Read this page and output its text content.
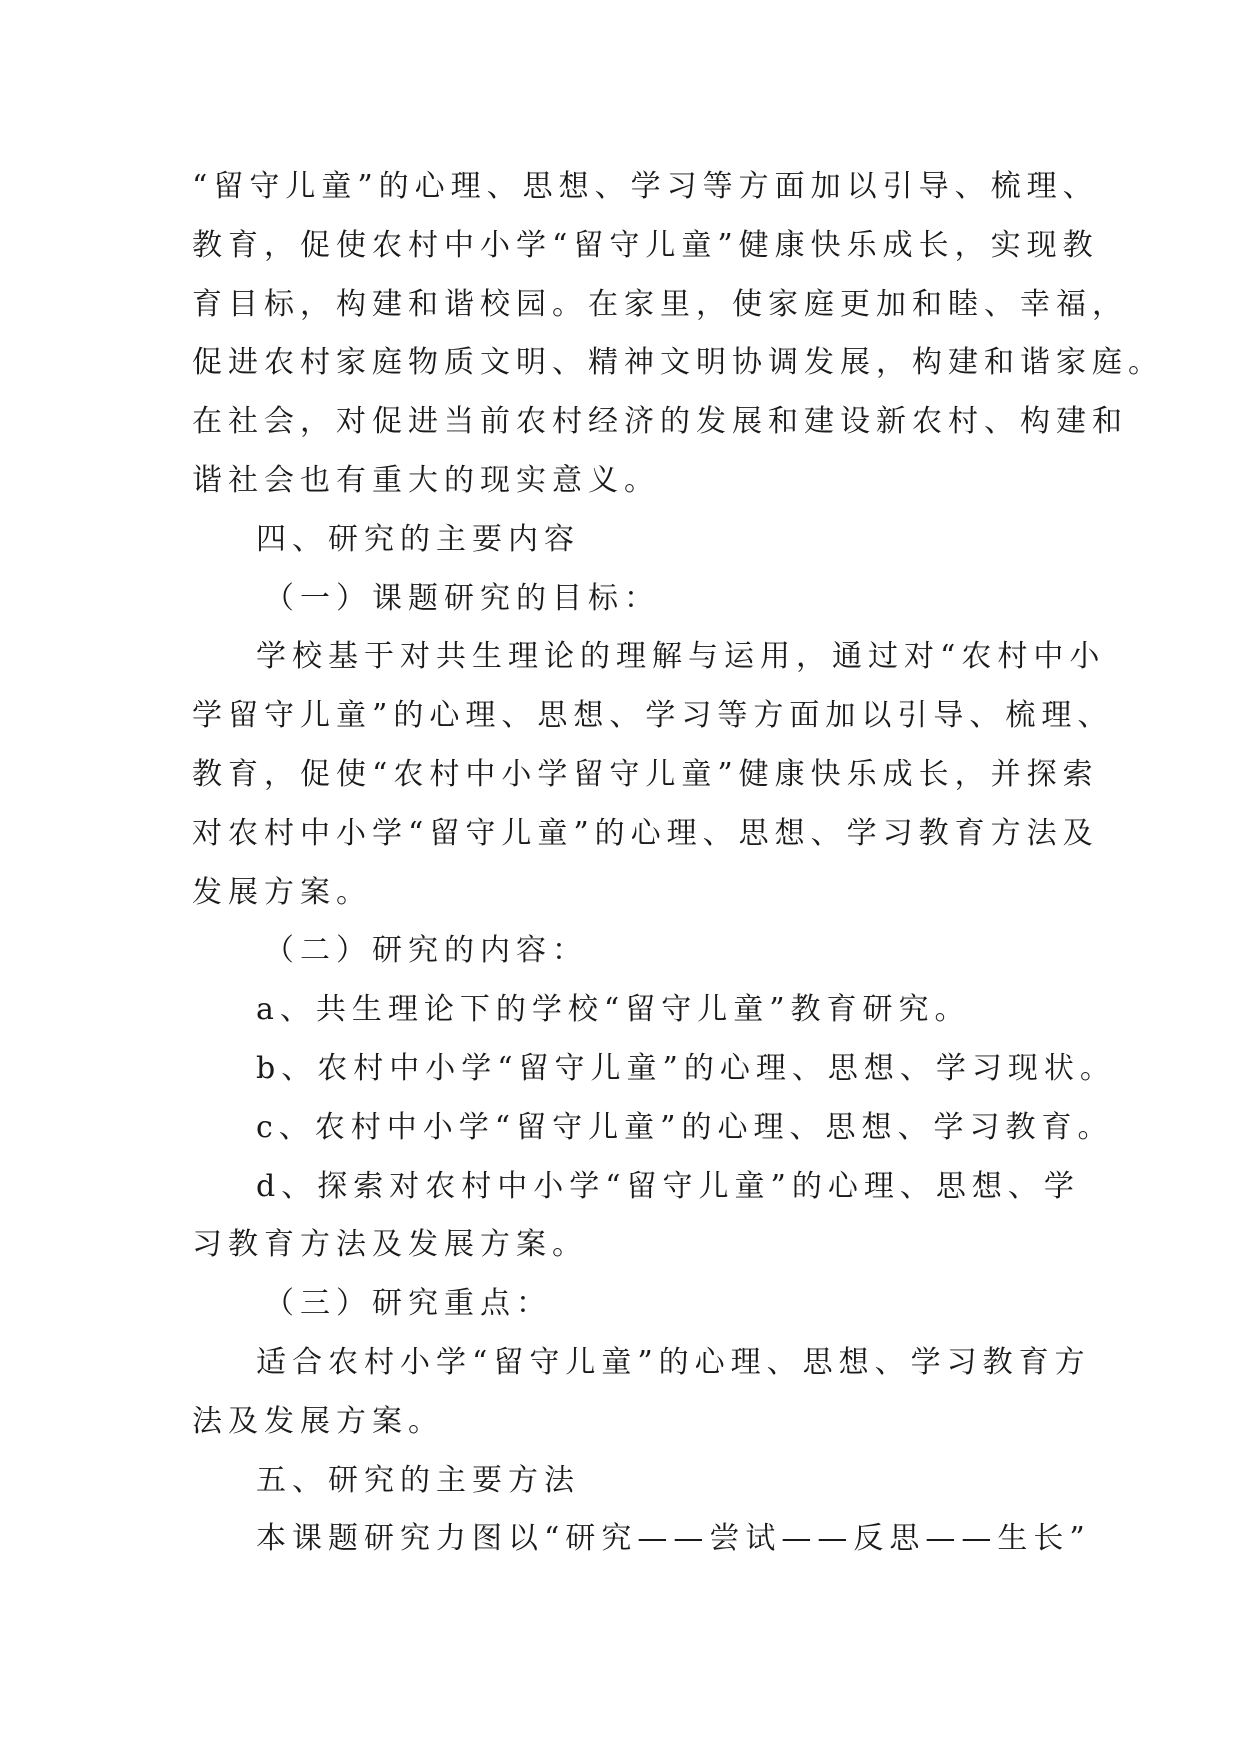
“留守儿童”的心理、思想、学习等方面加以引导、梳理、

教育，促使农村中小学“留守儿童”健康快乐成长，实现教

育目标，构建和谐校园。在家里，使家庭更加和睦、幸福，

促进农村家庭物质文明、精神文明协调发展，构建和谐家庭。

在社会，对促进当前农村经济的发展和建设新农村、构建和

谐社会也有重大的现实意义。

四、研究的主要内容

（一）课题研究的目标：

学校基于对共生理论的理解与运用，通过对“农村中小

学留守儿童”的心理、思想、学习等方面加以引导、梳理、

教育，促使“农村中小学留守儿童”健康快乐成长，并探索

对农村中小学“留守儿童”的心理、思想、学习教育方法及

发展方案。

（二）研究的内容：

a、共生理论下的学校“留守儿童”教育研究。

b、农村中小学“留守儿童”的心理、思想、学习现状。

c、农村中小学“留守儿童”的心理、思想、学习教育。

d、探索对农村中小学“留守儿童”的心理、思想、学

习教育方法及发展方案。

（三）研究重点：

适合农村小学“留守儿童”的心理、思想、学习教育方

法及发展方案。

五、研究的主要方法

本课题研究力图以“研究——尝试——反思——生长”
